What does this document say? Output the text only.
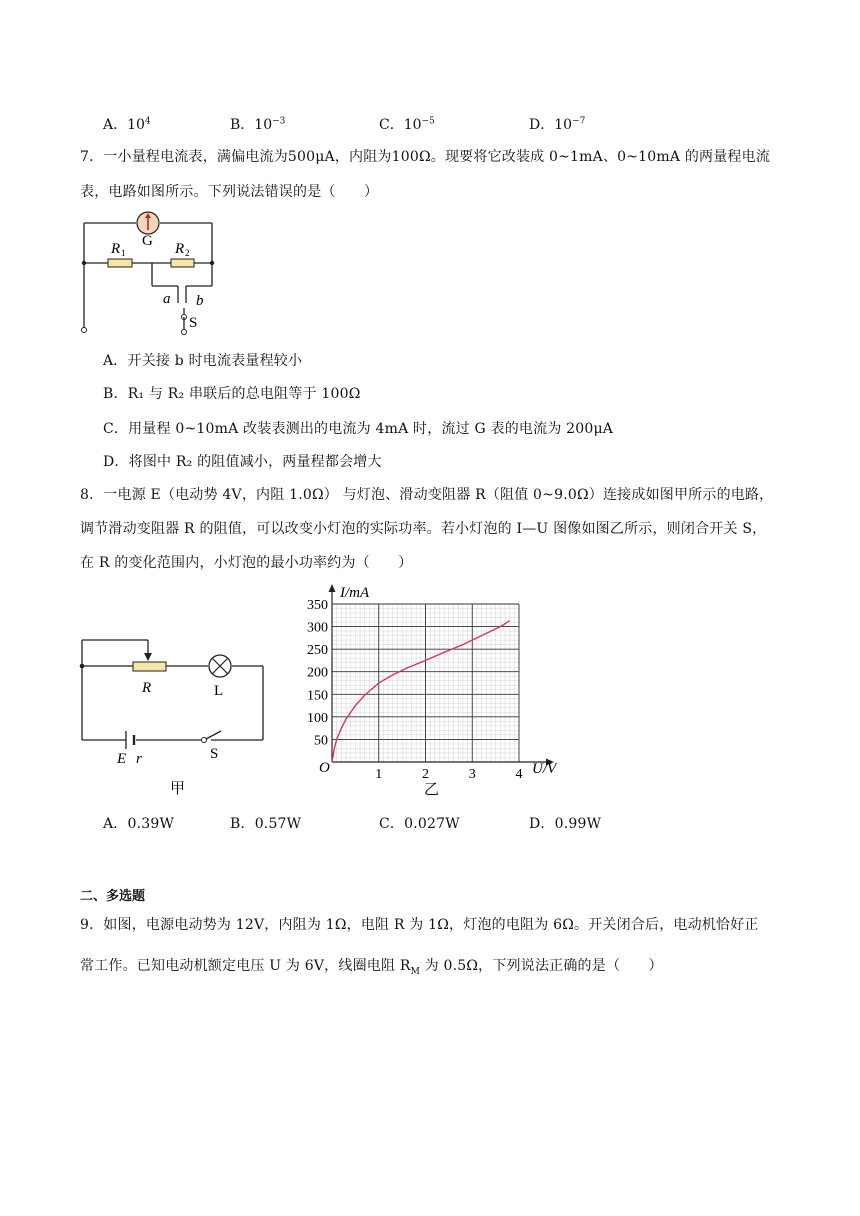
A．$10^4$	B．$10^{-3}$	C．$10^{-5}$	D．$10^{-7}$
7．一小量程电流表，满偏电流为500μA，内阻为100Ω。现要将它改装成 0~1mA、0~10mA 的两量程电流
表，电路如图所示。下列说法错误的是（　　）
G
R 1	R 2
a b
S
A．开关接 b 时电流表量程较小
B．R₁ 与 R₂ 串联后的总电阻等于 100Ω
C．用量程 0~10mA 改装表测出的电流为 4mA 时，流过 G 表的电流为 200μA
D．将图中 R₂ 的阻值减小，两量程都会增大
8．一电源 E（电动势 4V，内阻 1.0Ω） 与灯泡、滑动变阻器 R（阻值 0~9.0Ω）连接成如图甲所示的电路，
调节滑动变阻器 R 的阻值，可以改变小灯泡的实际功率。若小灯泡的 I—U 图像如图乙所示，则闭合开关 S，
在 R 的变化范围内，小灯泡的最小功率约为（　　）
R	L
E r	S
甲
50
100
150
200
250
300
350
1	2	3	4
I/mA
U/V
O
乙
A．0.39W	B．0.57W	C．0.027W	D．0.99W
二、多选题
9．如图，电源电动势为 12V，内阻为 1Ω，电阻 R 为 1Ω，灯泡的电阻为 6Ω。开关闭合后，电动机恰好正
常工作。已知电动机额定电压 U 为 6V，线圈电阻 $R_M$ 为 0.5Ω，下列说法正确的是（　　）
